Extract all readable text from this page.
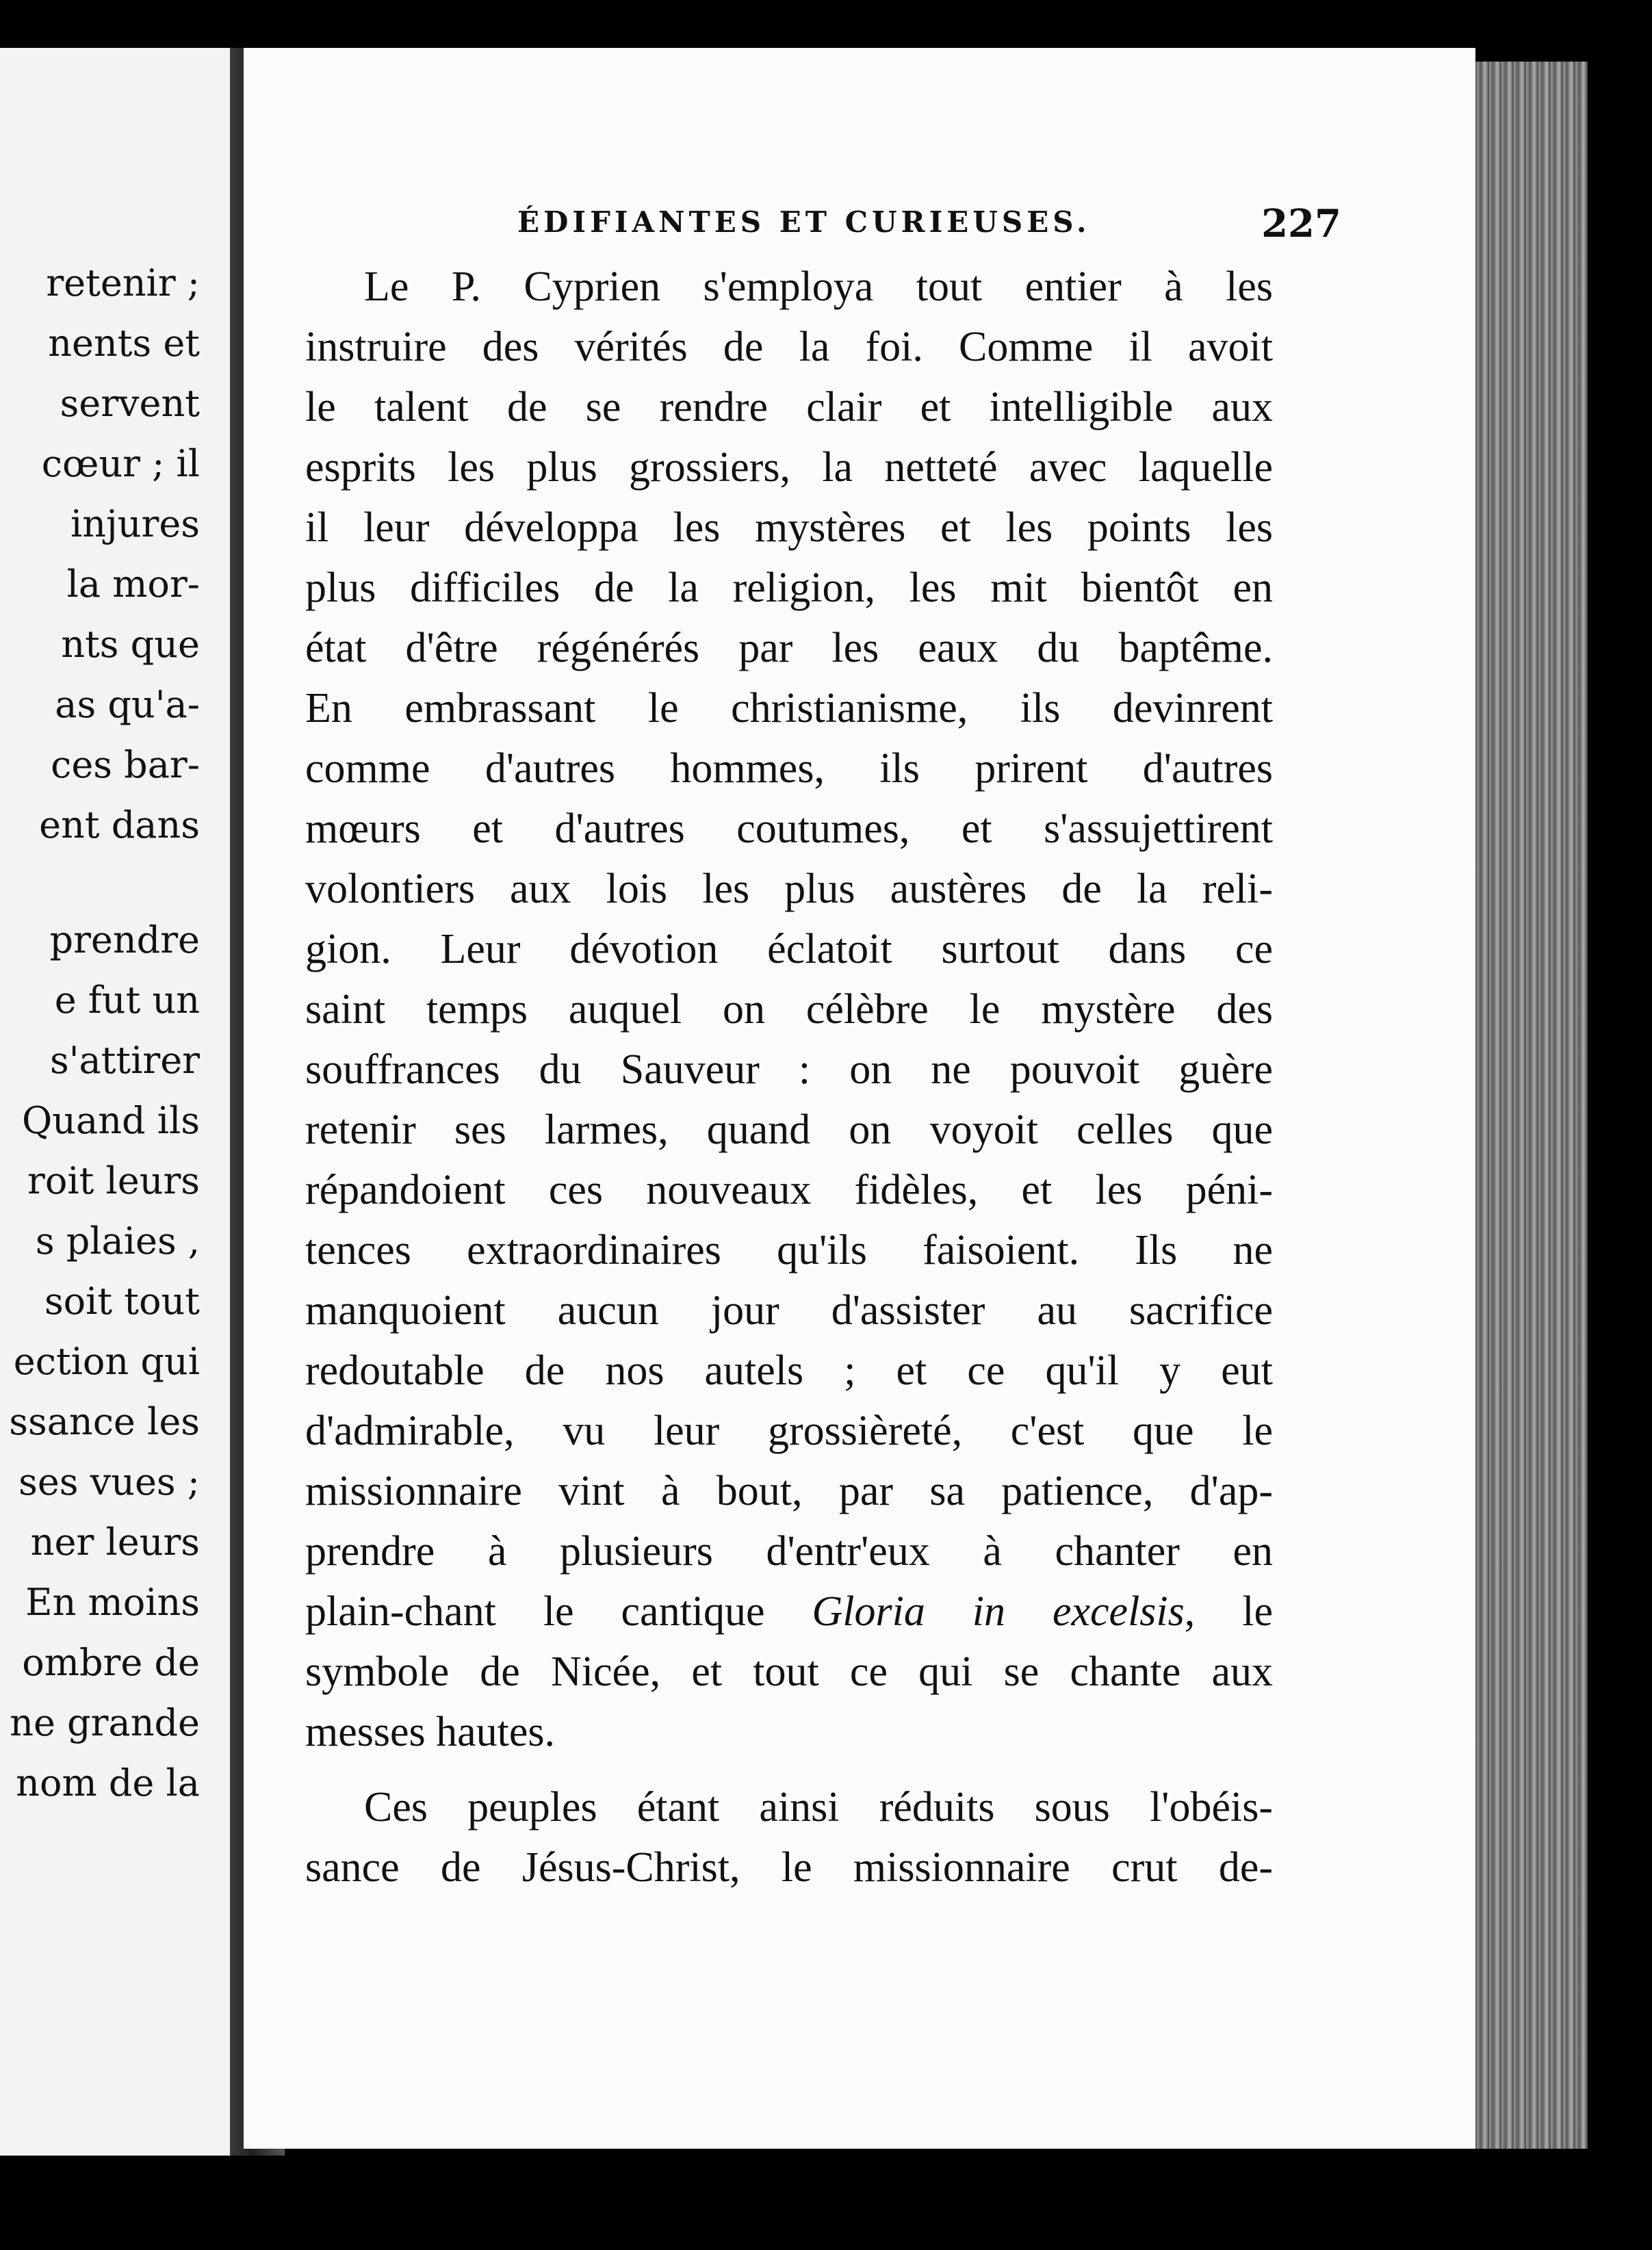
retenir ;
nents et
servent
cœur ; il
injures
la mor-
nts que
as qu'a-
ces bar-
ent dans
prendre
e fut un
s'attirer
Quand ils
roit leurs
s plaies ,
soit tout
ection qui
ssance les
ses vues ;
ner leurs
En moins
ombre de
ne grande
nom de la
ÉDIFIANTES ET CURIEUSES.	227
Le P. Cyprien s'employa tout entier à les
instruire des vérités de la foi. Comme il avoit
le talent de se rendre clair et intelligible aux
esprits les plus grossiers, la netteté avec laquelle
il leur développa les mystères et les points les
plus difficiles de la religion, les mit bientôt en
état d'être régénérés par les eaux du baptême.
En embrassant le christianisme, ils devinrent
comme d'autres hommes, ils prirent d'autres
mœurs et d'autres coutumes, et s'assujettirent
volontiers aux lois les plus austères de la reli-
gion. Leur dévotion éclatoit surtout dans ce
saint temps auquel on célèbre le mystère des
souffrances du Sauveur : on ne pouvoit guère
retenir ses larmes, quand on voyoit celles que
répandoient ces nouveaux fidèles, et les péni-
tences extraordinaires qu'ils faisoient. Ils ne
manquoient aucun jour d'assister au sacrifice
redoutable de nos autels ; et ce qu'il y eut
d'admirable, vu leur grossièreté, c'est que le
missionnaire vint à bout, par sa patience, d'ap-
prendre à plusieurs d'entr'eux à chanter en
plain-chant le cantique Gloria in excelsis, le
symbole de Nicée, et tout ce qui se chante aux
messes hautes.
Ces peuples étant ainsi réduits sous l'obéis-
sance de Jésus-Christ, le missionnaire crut de-
